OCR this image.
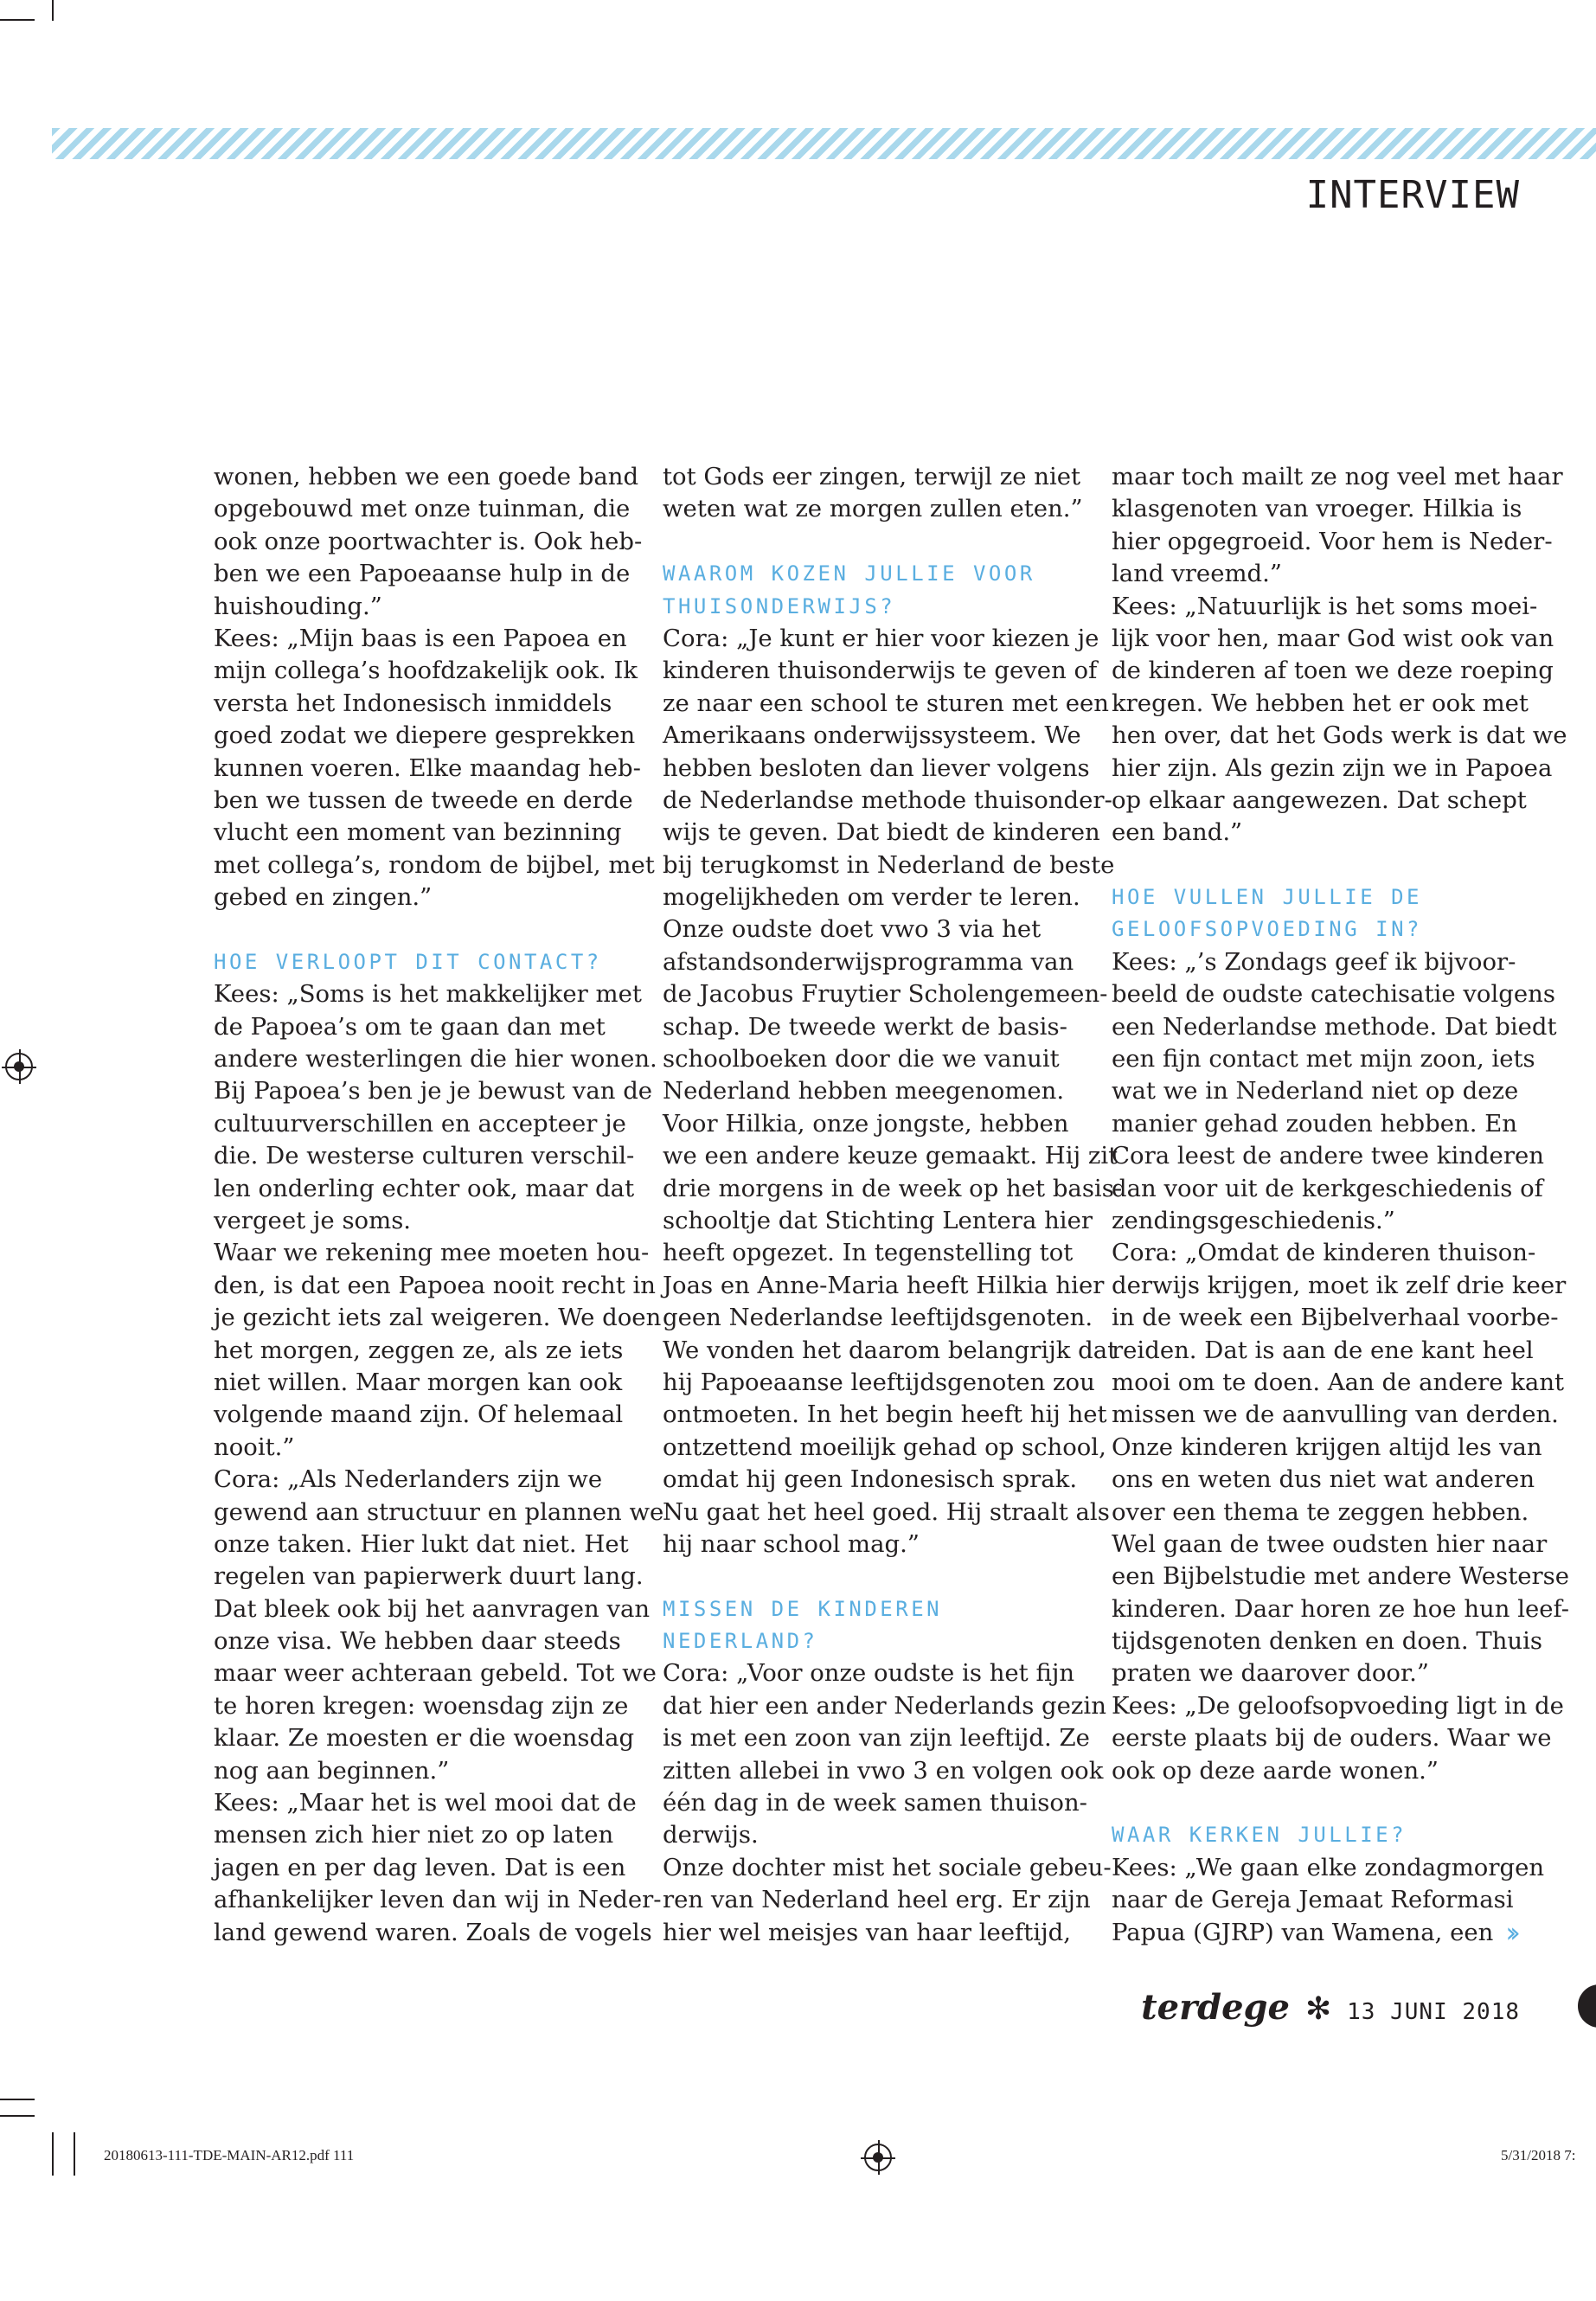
INTERVIEW
wonen, hebben we een goede band
opgebouwd met onze tuinman, die
ook onze poortwachter is. Ook heb-
ben we een Papoeaanse hulp in de
huishouding.”
Kees: „Mijn baas is een Papoea en
mijn collega’s hoofdzakelijk ook. Ik
versta het Indonesisch inmiddels
goed zodat we diepere gesprekken
kunnen voeren. Elke maandag heb-
ben we tussen de tweede en derde
vlucht een moment van bezinning
met collega’s, rondom de bijbel, met
gebed en zingen.”
HOE VERLOOPT DIT CONTACT?
Kees: „Soms is het makkelijker met
de Papoea’s om te gaan dan met
andere westerlingen die hier wonen.
Bij Papoea’s ben je je bewust van de
cultuurverschillen en accepteer je
die. De westerse culturen verschil-
len onderling echter ook, maar dat
vergeet je soms.
Waar we rekening mee moeten hou-
den, is dat een Papoea nooit recht in
je gezicht iets zal weigeren. We doen
het morgen, zeggen ze, als ze iets
niet willen. Maar morgen kan ook
volgende maand zijn. Of helemaal
nooit.”
Cora: „Als Nederlanders zijn we
gewend aan structuur en plannen we
onze taken. Hier lukt dat niet. Het
regelen van papierwerk duurt lang.
Dat bleek ook bij het aanvragen van
onze visa. We hebben daar steeds
maar weer achteraan gebeld. Tot we
te horen kregen: woensdag zijn ze
klaar. Ze moesten er die woensdag
nog aan beginnen.”
Kees: „Maar het is wel mooi dat de
mensen zich hier niet zo op laten
jagen en per dag leven. Dat is een
afhankelijker leven dan wij in Neder-
land gewend waren. Zoals de vogels
tot Gods eer zingen, terwijl ze niet
weten wat ze morgen zullen eten.”
WAAROM KOZEN JULLIE VOOR
THUISONDERWIJS?
Cora: „Je kunt er hier voor kiezen je
kinderen thuisonderwijs te geven of
ze naar een school te sturen met een
Amerikaans onderwijssysteem. We
hebben besloten dan liever volgens
de Nederlandse methode thuisonder-
wijs te geven. Dat biedt de kinderen
bij terugkomst in Nederland de beste
mogelijkheden om verder te leren.
Onze oudste doet vwo 3 via het
afstandsonderwijsprogramma van
de Jacobus Fruytier Scholengemeen-
schap. De tweede werkt de basis-
schoolboeken door die we vanuit
Nederland hebben meegenomen.
Voor Hilkia, onze jongste, hebben
we een andere keuze gemaakt. Hij zit
drie morgens in de week op het basis-
schooltje dat Stichting Lentera hier
heeft opgezet. In tegenstelling tot
Joas en Anne-Maria heeft Hilkia hier
geen Nederlandse leeftijdsgenoten.
We vonden het daarom belangrijk dat
hij Papoeaanse leeftijdsgenoten zou
ontmoeten. In het begin heeft hij het
ontzettend moeilijk gehad op school,
omdat hij geen Indonesisch sprak.
Nu gaat het heel goed. Hij straalt als
hij naar school mag.”
MISSEN DE KINDEREN
NEDERLAND?
Cora: „Voor onze oudste is het fijn
dat hier een ander Nederlands gezin
is met een zoon van zijn leeftijd. Ze
zitten allebei in vwo 3 en volgen ook
één dag in de week samen thuison-
derwijs.
Onze dochter mist het sociale gebeu-
ren van Nederland heel erg. Er zijn
hier wel meisjes van haar leeftijd,
maar toch mailt ze nog veel met haar
klasgenoten van vroeger. Hilkia is
hier opgegroeid. Voor hem is Neder-
land vreemd.”
Kees: „Natuurlijk is het soms moei-
lijk voor hen, maar God wist ook van
de kinderen af toen we deze roeping
kregen. We hebben het er ook met
hen over, dat het Gods werk is dat we
hier zijn. Als gezin zijn we in Papoea
op elkaar aangewezen. Dat schept
een band.”
HOE VULLEN JULLIE DE
GELOOFSOPVOEDING IN?
Kees: „’s Zondags geef ik bijvoor-
beeld de oudste catechisatie volgens
een Nederlandse methode. Dat biedt
een fijn contact met mijn zoon, iets
wat we in Nederland niet op deze
manier gehad zouden hebben. En
Cora leest de andere twee kinderen
dan voor uit de kerkgeschiedenis of
zendingsgeschiedenis.”
Cora: „Omdat de kinderen thuison-
derwijs krijgen, moet ik zelf drie keer
in de week een Bijbelverhaal voorbe-
reiden. Dat is aan de ene kant heel
mooi om te doen. Aan de andere kant
missen we de aanvulling van derden.
Onze kinderen krijgen altijd les van
ons en weten dus niet wat anderen
over een thema te zeggen hebben.
Wel gaan de twee oudsten hier naar
een Bijbelstudie met andere Westerse
kinderen. Daar horen ze hoe hun leef-
tijdsgenoten denken en doen. Thuis
praten we daarover door.”
Kees: „De geloofsopvoeding ligt in de
eerste plaats bij de ouders. Waar we
ook op deze aarde wonen.”
WAAR KERKEN JULLIE?
Kees: „We gaan elke zondagmorgen
naar de Gereja Jemaat Reformasi
Papua (GJRP) van Wamena, een ››
terdege ✻ 13 JUNI 2018
20180613-111-TDE-MAIN-AR12.pdf 111	5/31/2018 7:
